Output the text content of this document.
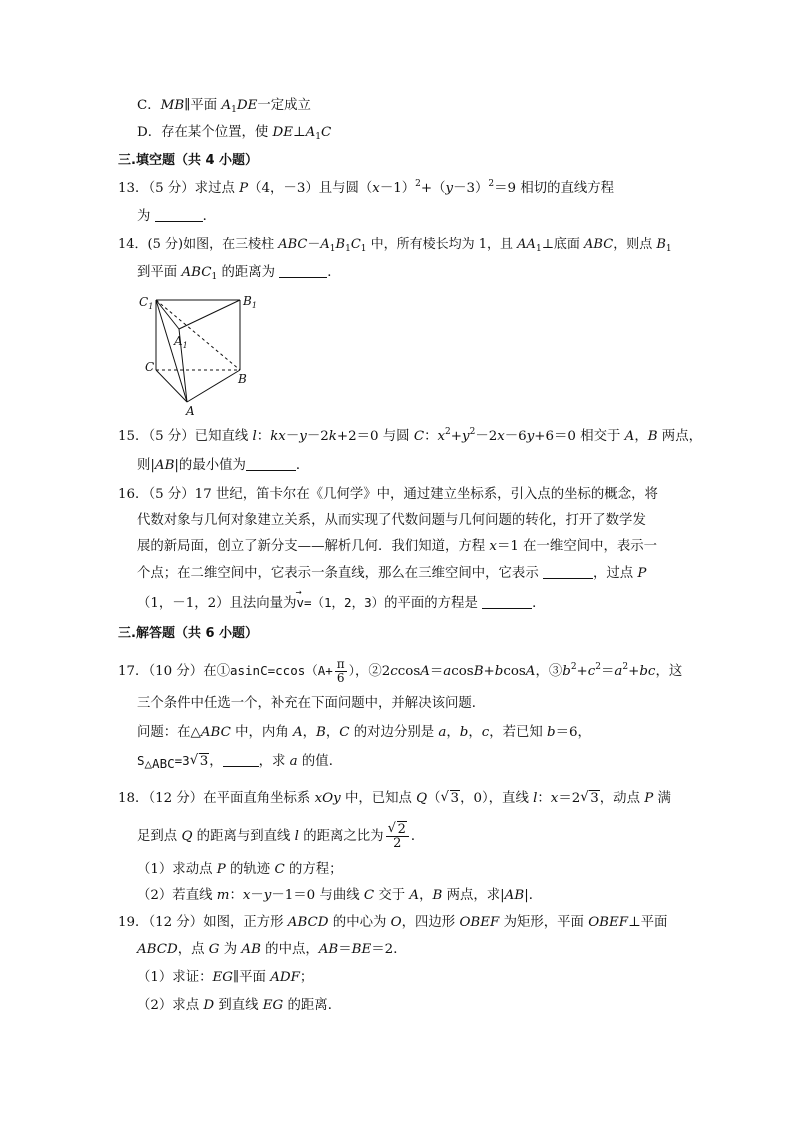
C．MB∥平面 $A_1DE$一定成立
D．存在某个位置，使 $DE\perp A_1C$
三.填空题（共 4 小题）
13．（5 分）求过点 P（4，－3）且与圆$(x-1)^2+(y-3)^2=9$ 相切的直线方程
为	．
14．(5 分)如图，在三棱柱 $ABC-A_1B_1C_1$ 中，所有棱长均为 1，且 $AA_1\perp$底面 ABC，则点 $B_1$
到平面 $ABC_1$ 的距离为	．
$C_1$	$B_1$
$A_1$
C
B
A
15．（5 分）已知直线 l：kx－y－2k+2＝0 与圆 C：$x^2+y^2-2x-6y+6=0$ 相交于 A，B 两点，
则|AB|的最小值为	．
16．（5 分）17 世纪，笛卡尔在《几何学》中，通过建立坐标系，引入点的坐标的概念，将
代数对象与几何对象建立关系，从而实现了代数问题与几何问题的转化，打开了数学发
展的新局面，创立了新分支——解析几何．我们知道，方程 x＝1 在一维空间中，表示一
个点；在二维空间中，它表示一条直线，那么在三维空间中，它表示	，过点 P
（1，－1，2）且法向量为v →=（1，2，3）的平面的方程是	．
三.解答题（共 6 小题）
17．（10 分）在①asinC=ccos（A+ $\frac{\pi}{6}$ ），②2ccosA＝acosB+bcosA，$③b^2+c^2=a^2+bc$，这
三个条件中任选一个，补充在下面问题中，并解决该问题．
问题：在△ABC 中，内角 A，B，C 的对边分别是 a，b，c，若已知 b＝6，
$S_{\triangle ABC}=3√$ 3，	，求 a 的值．
18．（12 分）在平面直角坐标系 xOy 中，已知点 Q（√ 3，0），直线 l：x＝2√ 3，动点 P 满
足到点 Q 的距离与到直线 l 的距离之比为
√ $\frac{2}{2}$ ．
（1）求动点 P 的轨迹 C 的方程；
（2）若直线 m：x－y－1＝0 与曲线 C 交于 A，B 两点，求|AB|．
19．（12 分）如图，正方形 ABCD 的中心为 O，四边形 OBEF 为矩形，平面 OBEF⊥平面
ABCD，点 G 为 AB 的中点，AB＝BE＝2．
（1）求证：EG∥平面 ADF；
（2）求点 D 到直线 EG 的距离．
